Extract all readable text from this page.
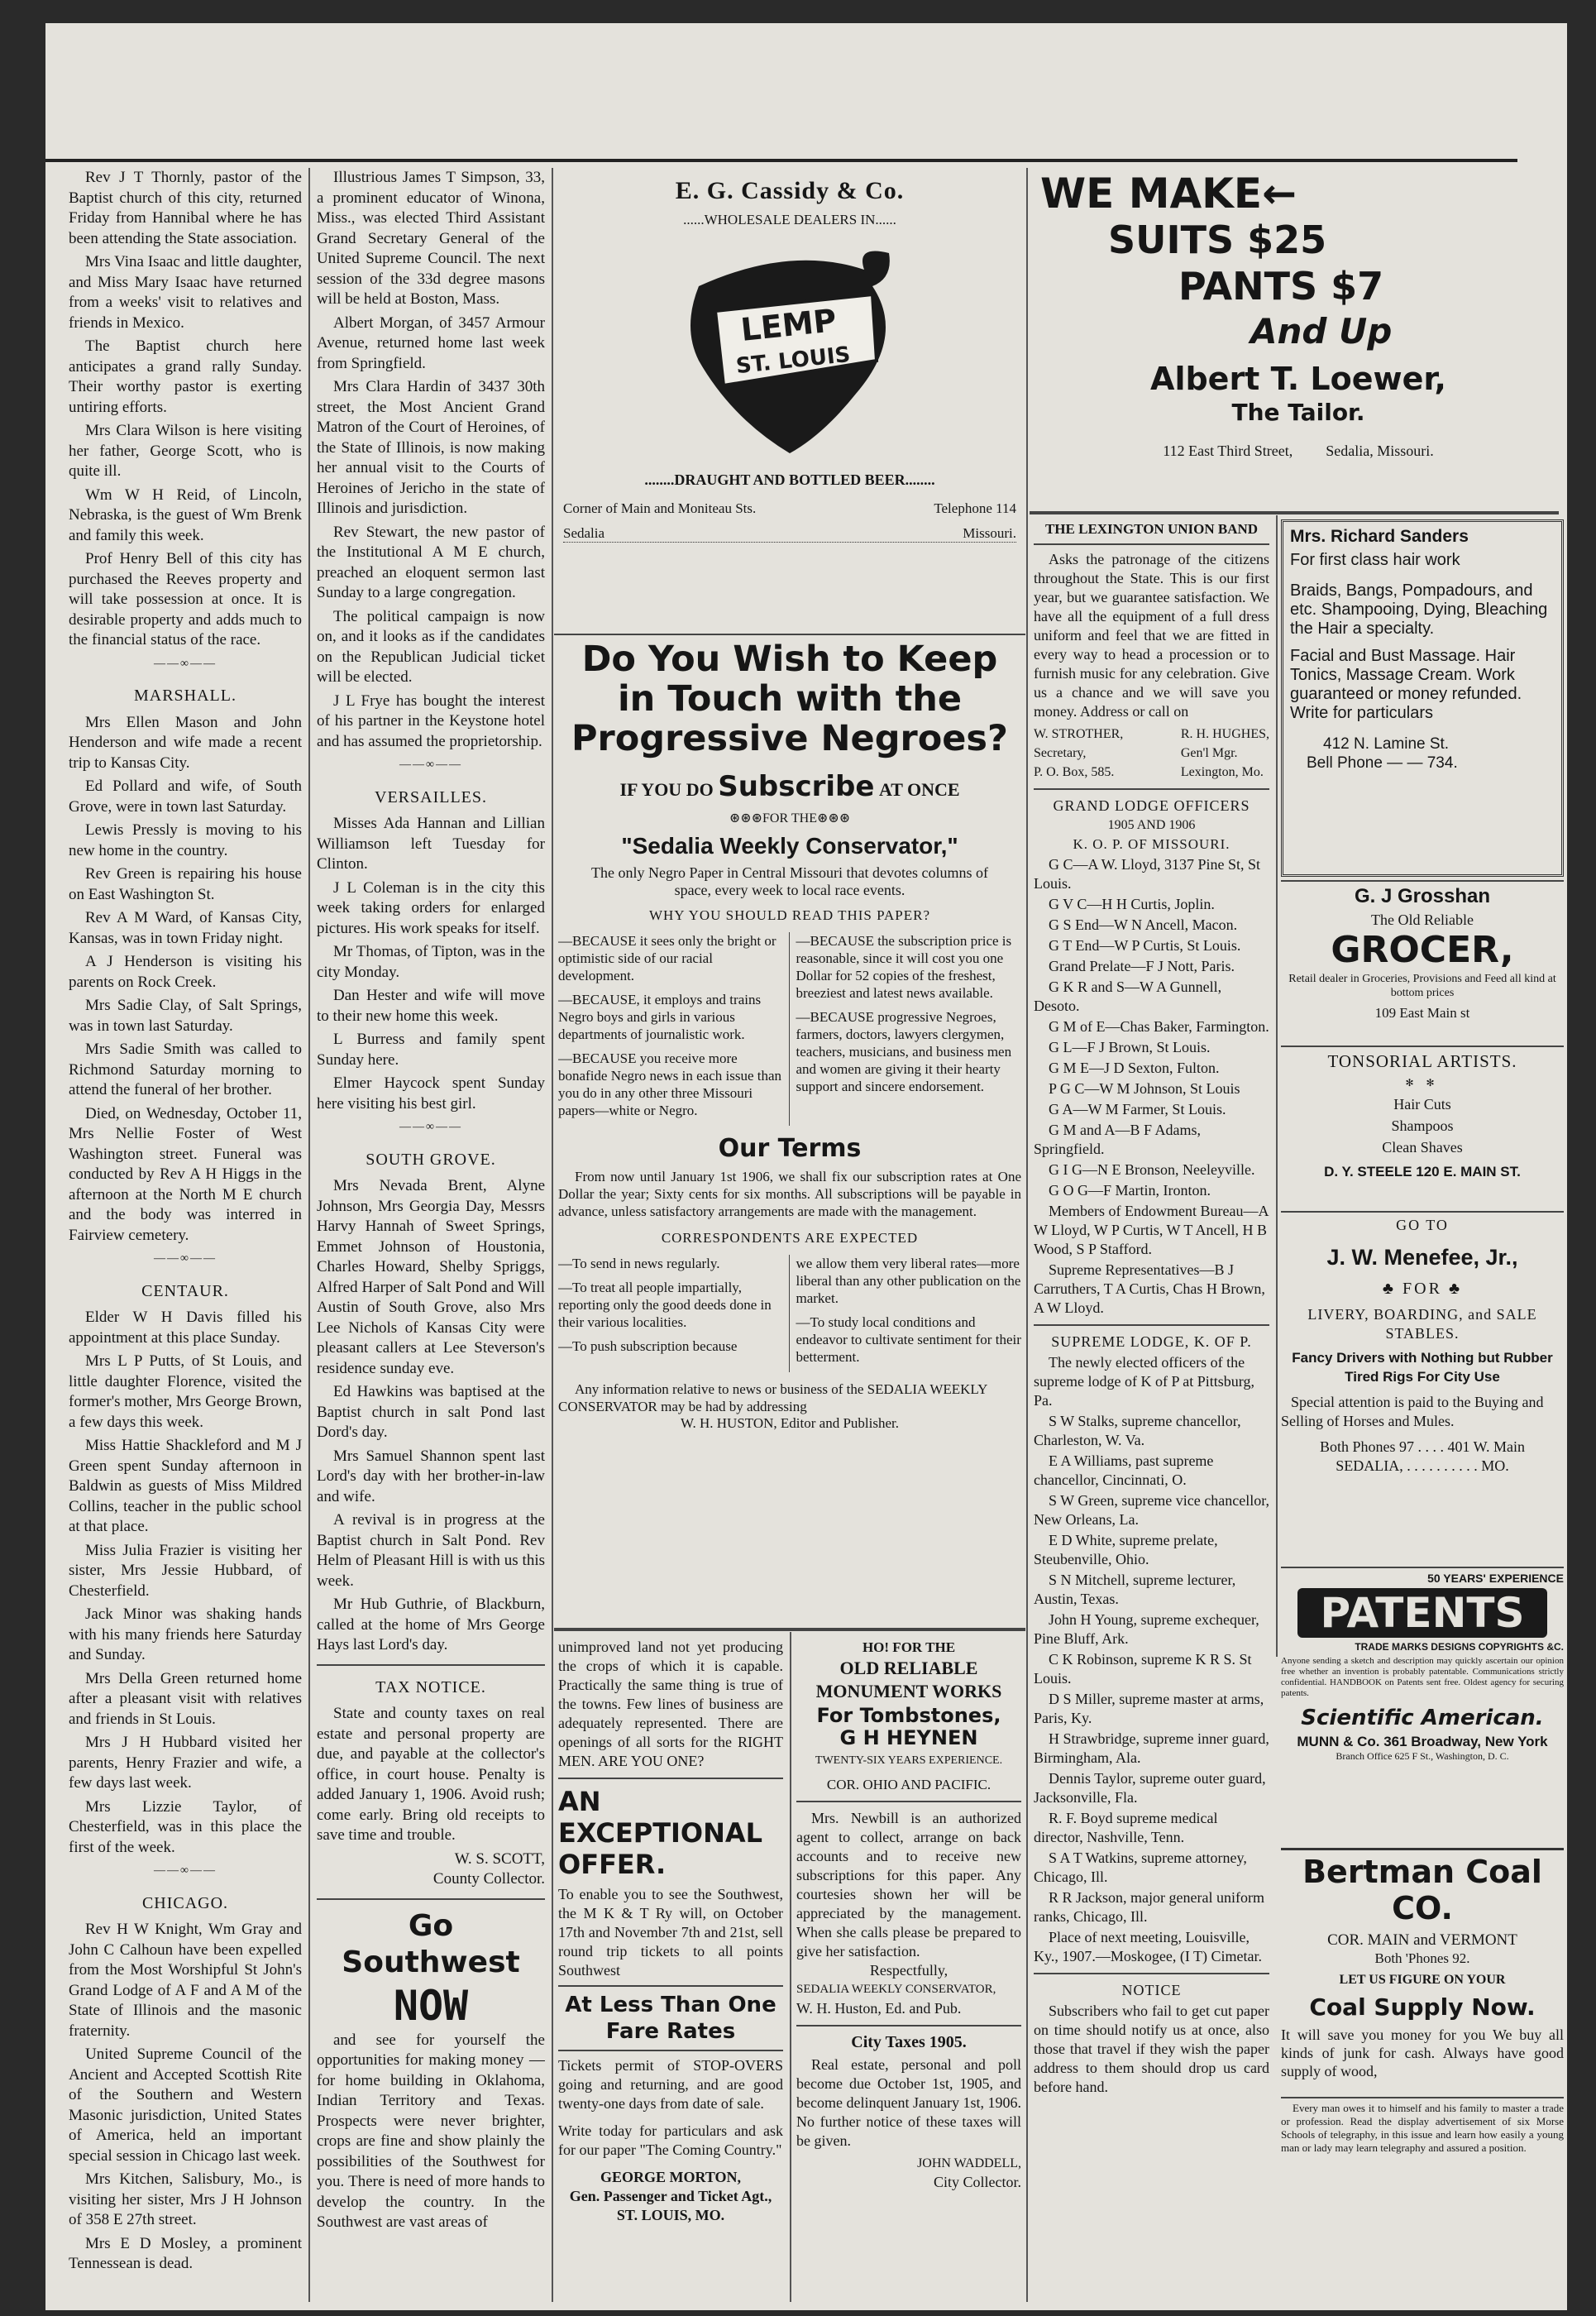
Rev J T Thornly, pastor of the Baptist church of this city, returned Friday from Hannibal where he has been attending the State association.

Mrs Vina Isaac and little daughter, and Miss Mary Isaac have returned from a weeks' visit to relatives and friends in Mexico.

The Baptist church here anticipates a grand rally Sunday. Their worthy pastor is exerting untiring efforts.

Mrs Clara Wilson is here visiting her father, George Scott, who is quite ill.

Wm W H Reid, of Lincoln, Nebraska, is the guest of Wm Brenk and family this week.

Prof Henry Bell of this city has purchased the Reeves property and will take possession at once. It is desirable property and adds much to the financial status of the race.

——∞——
MARSHALL.

Mrs Ellen Mason and John Henderson and wife made a recent trip to Kansas City.

Ed Pollard and wife, of South Grove, were in town last Saturday.

Lewis Pressly is moving to his new home in the country.

Rev Green is repairing his house on East Washington St.

Rev A M Ward, of Kansas City, Kansas, was in town Friday night.

A J Henderson is visiting his parents on Rock Creek.

Mrs Sadie Clay, of Salt Springs, was in town last Saturday.

Mrs Sadie Smith was called to Richmond Saturday morning to attend the funeral of her brother.

Died, on Wednesday, October 11, Mrs Nellie Foster of West Washington street. Funeral was conducted by Rev A H Higgs in the afternoon at the North M E church and the body was interred in Fairview cemetery.

——∞——
CENTAUR.

Elder W H Davis filled his appointment at this place Sunday.

Mrs L P Putts, of St Louis, and little daughter Florence, visited the former's mother, Mrs George Brown, a few days this week.

Miss Hattie Shackleford and M J Green spent Sunday afternoon in Baldwin as guests of Miss Mildred Collins, teacher in the public school at that place.

Miss Julia Frazier is visiting her sister, Mrs Jessie Hubbard, of Chesterfield.

Jack Minor was shaking hands with his many friends here Saturday and Sunday.

Mrs Della Green returned home after a pleasant visit with relatives and friends in St Louis.

Mrs J H Hubbard visited her parents, Henry Frazier and wife, a few days last week.

Mrs Lizzie Taylor, of Chesterfield, was in this place the first of the week.

——∞——
CHICAGO.

Rev H W Knight, Wm Gray and John C Calhoun have been expelled from the Most Worshipful St John's Grand Lodge of A F and A M of the State of Illinois and the masonic fraternity.

United Supreme Council of the Ancient and Accepted Scottish Rite of the Southern and Western Masonic jurisdiction, United States of America, held an important special session in Chicago last week.

Mrs Kitchen, Salisbury, Mo., is visiting her sister, Mrs J H Johnson of 358 E 27th street.

Mrs E D Mosley, a prominent Tennessean is dead.

Illustrious James T Simpson, 33, a prominent educator of Winona, Miss., was elected Third Assistant Grand Secretary General of the United Supreme Council. The next session of the 33d degree masons will be held at Boston, Mass.

Albert Morgan, of 3457 Armour Avenue, returned home last week from Springfield.

Mrs Clara Hardin of 3437 30th street, the Most Ancient Grand Matron of the Court of Heroines, of the State of Illinois, is now making her annual visit to the Courts of Heroines of Jericho in the state of Illinois and jurisdiction.

Rev Stewart, the new pastor of the Institutional A M E church, preached an eloquent sermon last Sunday to a large congregation.

The political campaign is now on, and it looks as if the candidates on the Republican Judicial ticket will be elected.

J L Frye has bought the interest of his partner in the Keystone hotel and has assumed the proprietorship.

——∞——
VERSAILLES.

Misses Ada Hannan and Lillian Williamson left Tuesday for Clinton.

J L Coleman is in the city this week taking orders for enlarged pictures. His work speaks for itself.

Mr Thomas, of Tipton, was in the city Monday.

Dan Hester and wife will move to their new home this week.

L Burress and family spent Sunday here.

Elmer Haycock spent Sunday here visiting his best girl.

——∞——
SOUTH GROVE.

Mrs Nevada Brent, Alyne Johnson, Mrs Georgia Day, Messrs Harvy Hannah of Sweet Springs, Emmet Johnson of Houstonia, Charles Howard, Shelby Spriggs, Alfred Harper of Salt Pond and Will Austin of South Grove, also Mrs Lee Nichols of Kansas City were pleasant callers at Lee Steverson's residence sunday eve.

Ed Hawkins was baptised at the Baptist church in salt Pond last Dord's day.

Mrs Samuel Shannon spent last Lord's day with her brother-in-law and wife.

A revival is in progress at the Baptist church in Salt Pond. Rev Helm of Pleasant Hill is with us this week.

Mr Hub Guthrie, of Blackburn, called at the home of Mrs George Hays last Lord's day.

TAX NOTICE.

State and county taxes on real estate and personal property are due, and payable at the collector's office, in court house. Penalty is added January 1, 1906. Avoid rush; come early. Bring old receipts to save time and trouble.

W. S. SCOTT,
County Collector.
Go Southwest
NOW

and see for yourself the opportunities for making money — for home building in Oklahoma, Indian Territory and Texas. Prospects were never brighter, crops are fine and show plainly the possibilities of the Southwest for you. There is need of more hands to develop the country. In the Southwest are vast areas of

E. G. Cassidy & Co.
......WHOLESALE DEALERS IN......
LEMP
ST. LOUIS
........DRAUGHT AND BOTTLED BEER........
Corner of Main and Moniteau Sts.	Telephone 114
Sedalia	Missouri.
Do You Wish to Keep in Touch with the Progressive Negroes?
IF YOU DO Subscribe AT ONCE
⊛⊛⊛FOR THE⊛⊛⊛
"Sedalia Weekly Conservator,"
The only Negro Paper in Central Missouri that devotes columns of space, every week to local race events.
WHY YOU SHOULD READ THIS PAPER?

—BECAUSE it sees only the bright or optimistic side of our racial development.

—BECAUSE, it employs and trains Negro boys and girls in various departments of journalistic work.

—BECAUSE you receive more bonafide Negro news in each issue than you do in any other three Missouri papers—white or Negro.

—BECAUSE the subscription price is reasonable, since it will cost you one Dollar for 52 copies of the freshest, breeziest and latest news available.

—BECAUSE progressive Negroes, farmers, doctors, lawyers clergymen, teachers, musicians, and business men and women are giving it their hearty support and sincere endorsement.

Our Terms

From now until January 1st 1906, we shall fix our subscription rates at One Dollar the year; Sixty cents for six months. All subscriptions will be payable in advance, unless satisfactory arrangements are made with the management.

CORRESPONDENTS ARE EXPECTED

—To send in news regularly.

—To treat all people impartially, reporting only the good deeds done in their various localities.

—To push subscription because

we allow them very liberal rates—more liberal than any other publication on the market.

—To study local conditions and endeavor to cultivate sentiment for their betterment.

Any information relative to news or business of the SEDALIA WEEKLY CONSERVATOR may be had by addressing

W. H. HUSTON, Editor and Publisher.

unimproved land not yet producing the crops of which it is capable. Practically the same thing is true of the towns. Few lines of business are adequately represented. There are openings of all sorts for the RIGHT MEN. ARE YOU ONE?

AN EXCEPTIONAL OFFER.

To enable you to see the Southwest, the M K & T Ry will, on October 17th and November 7th and 21st, sell round trip tickets to all points Southwest

At Less Than One Fare Rates

Tickets permit of STOP-OVERS going and returning, and are good twenty-one days from date of sale.

Write today for particulars and ask for our paper "The Coming Country."

GEORGE MORTON,
Gen. Passenger and Ticket Agt.,
ST. LOUIS, MO.
HO! FOR THE
OLD RELIABLE MONUMENT WORKS
For Tombstones,
G H HEYNEN
TWENTY-SIX YEARS EXPERIENCE.
COR. OHIO AND PACIFIC.

Mrs. Newbill is an authorized agent to collect, arrange on back accounts and to receive new subscriptions for this paper. Any courtesies shown her will be appreciated by the management. When she calls please be prepared to give her satisfaction.

Respectfully,
SEDALIA WEEKLY CONSERVATOR,
W. H. Huston, Ed. and Pub.
City Taxes 1905.

Real estate, personal and poll become due October 1st, 1905, and become delinquent January 1st, 1906. No further notice of these taxes will be given.

JOHN WADDELL,
City Collector.
WE MAKE←
SUITS $25
PANTS $7
And Up
Albert T. Loewer,
The Tailor.
112 East Third Street, Sedalia, Missouri.
THE LEXINGTON UNION BAND

Asks the patronage of the citizens throughout the State. This is our first year, but we guarantee satisfaction. We have all the equipment of a full dress uniform and feel that we are fitted in every way to head a procession or to furnish music for any celebration. Give us a chance and we will save you money. Address or call on

W. STROTHER,
Secretary,
P. O. Box, 585.
R. H. HUGHES,
Gen'l Mgr.
Lexington, Mo.
GRAND LODGE OFFICERS
1905 AND 1906
K. O. P. OF MISSOURI.

G C—A W. Lloyd, 3137 Pine St, St Louis.

G V C—H H Curtis, Joplin.

G S End—W N Ancell, Macon.

G T End—W P Curtis, St Louis.

Grand Prelate—F J Nott, Paris.

G K R and S—W A Gunnell, Desoto.

G M of E—Chas Baker, Farmington.

G L—F J Brown, St Louis.

G M E—J D Sexton, Fulton.

P G C—W M Johnson, St Louis

G A—W M Farmer, St Louis.

G M and A—B F Adams, Springfield.

G I G—N E Bronson, Neeleyville.

G O G—F Martin, Ironton.

Members of Endowment Bureau—A W Lloyd, W P Curtis, W T Ancell, H B Wood, S P Stafford.

Supreme Representatives—B J Carruthers, T A Curtis, Chas H Brown, A W Lloyd.

SUPREME LODGE, K. OF P.

The newly elected officers of the supreme lodge of K of P at Pittsburg, Pa.

S W Stalks, supreme chancellor, Charleston, W. Va.

E A Williams, past supreme chancellor, Cincinnati, O.

S W Green, supreme vice chancellor, New Orleans, La.

E D White, supreme prelate, Steubenville, Ohio.

S N Mitchell, supreme lecturer, Austin, Texas.

John H Young, supreme exchequer, Pine Bluff, Ark.

C K Robinson, supreme K R S. St Louis.

D S Miller, supreme master at arms, Paris, Ky.

H Strawbridge, supreme inner guard, Birmingham, Ala.

Dennis Taylor, supreme outer guard, Jacksonville, Fla.

R. F. Boyd supreme medical director, Nashville, Tenn.

S A T Watkins, supreme attorney, Chicago, Ill.

R R Jackson, major general uniform ranks, Chicago, Ill.

Place of next meeting, Louisville, Ky., 1907.—Moskogee, (I T) Cimetar.

NOTICE

Subscribers who fail to get cut paper on time should notify us at once, also those that travel if they wish the paper address to them should drop us card before hand.

Mrs. Richard Sanders
For first class hair work
Braids, Bangs, Pompadours, and etc. Shampooing, Dying, Bleaching the Hair a specialty.
Facial and Bust Massage. Hair Tonics, Massage Cream. Work guaranteed or money refunded. Write for particulars
412 N. Lamine St.
Bell Phone — — 734.
G. J Grosshan
The Old Reliable
GROCER,
Retail dealer in Groceries, Provisions and Feed all kind at bottom prices
109 East Main st
TONSORIAL ARTISTS.
✻ ✻
Hair Cuts
Shampoos
Clean Shaves
D. Y. STEELE 120 E. MAIN ST.
GO TO
J. W. Menefee, Jr.,
♣ FOR ♣
LIVERY, BOARDING, and SALE STABLES.
Fancy Drivers with Nothing but Rubber Tired Rigs For City Use
Special attention is paid to the Buying and Selling of Horses and Mules.
Both Phones 97 . . . . 401 W. Main
SEDALIA, . . . . . . . . . . MO.
50 YEARS' EXPERIENCE
PATENTS
TRADE MARKS DESIGNS COPYRIGHTS &C.
Anyone sending a sketch and description may quickly ascertain our opinion free whether an invention is probably patentable. Communications strictly confidential. HANDBOOK on Patents sent free. Oldest agency for securing patents.
Scientific American.
MUNN & Co. 361 Broadway, New York
Branch Office 625 F St., Washington, D. C.
Bertman Coal CO.
COR. MAIN and VERMONT
Both 'Phones 92.
LET US FIGURE ON YOUR
Coal Supply Now.
It will save you money for you We buy all kinds of junk for cash. Always have good supply of wood,
Every man owes it to himself and his family to master a trade or profession. Read the display advertisement of six Morse Schools of telegraphy, in this issue and learn how easily a young man or lady may learn telegraphy and assured a position.
